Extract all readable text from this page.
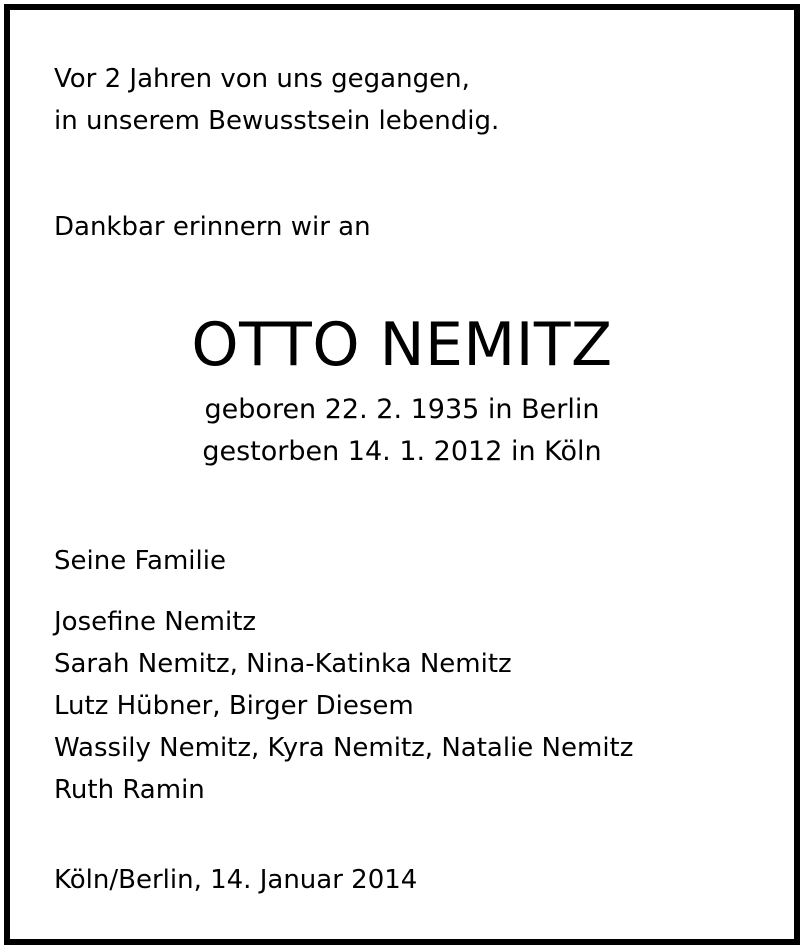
Vor 2 Jahren von uns gegangen,
in unserem Bewusstsein lebendig.
Dankbar erinnern wir an
OTTO NEMITZ
geboren 22. 2. 1935 in Berlin
gestorben 14. 1. 2012 in Köln
Seine Familie
Josefine Nemitz
Sarah Nemitz, Nina-Katinka Nemitz
Lutz Hübner, Birger Diesem
Wassily Nemitz, Kyra Nemitz, Natalie Nemitz
Ruth Ramin
Köln/Berlin, 14. Januar 2014
